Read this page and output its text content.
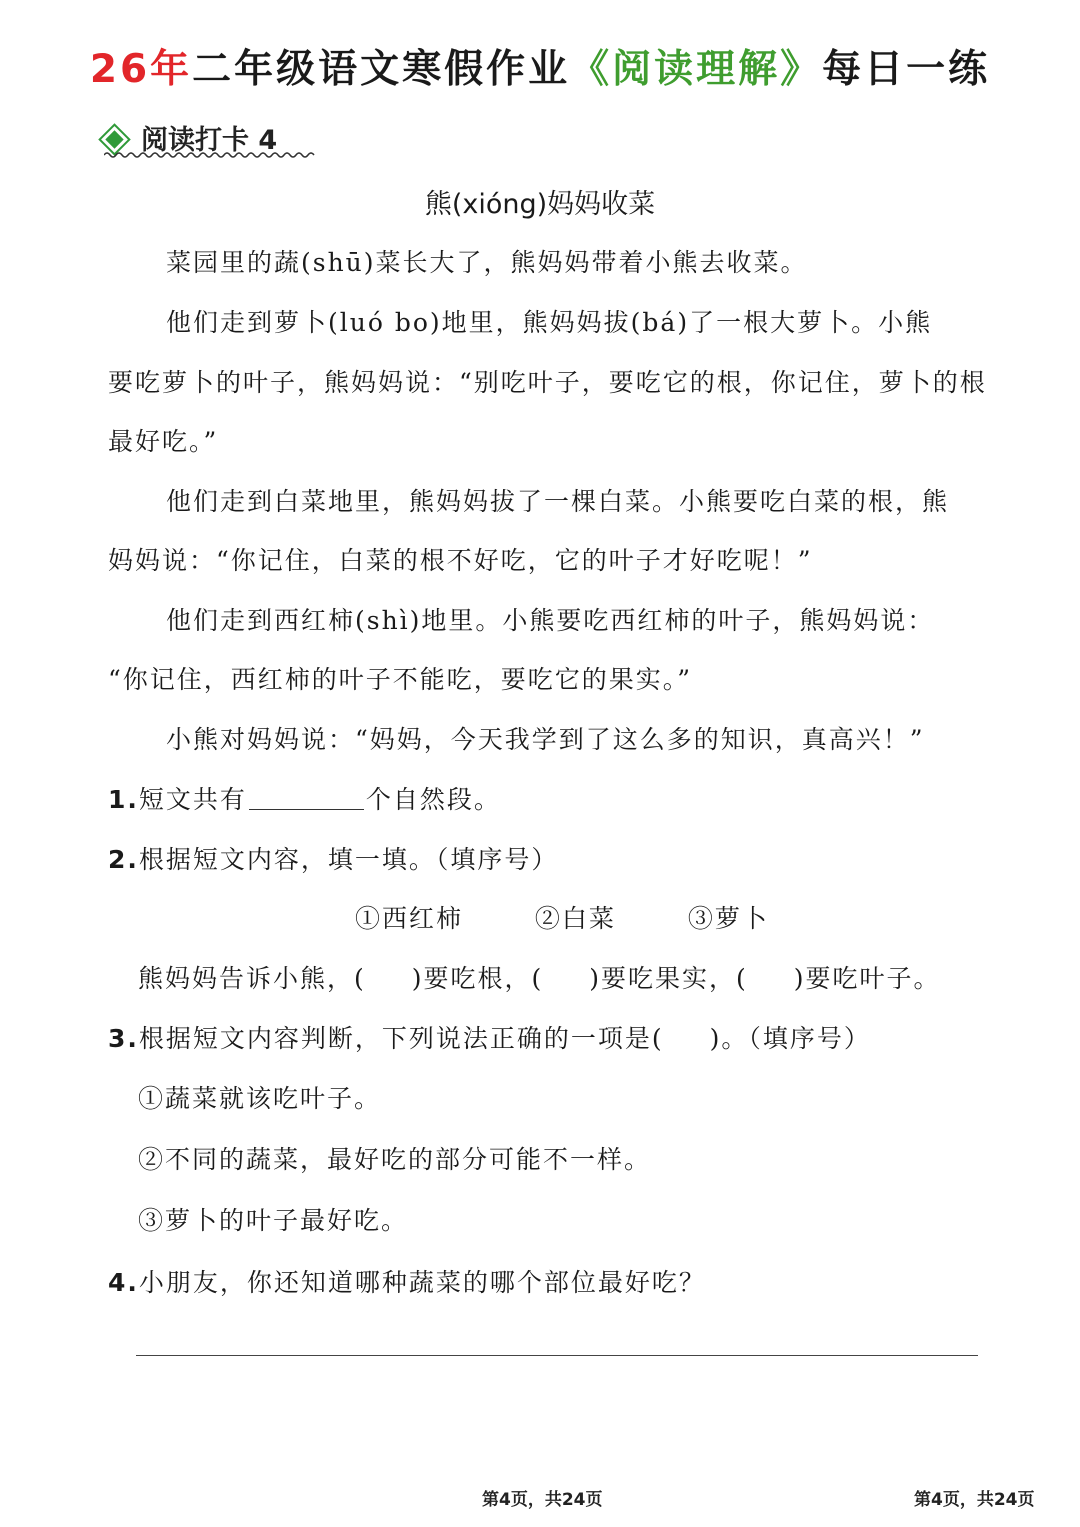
26年二年级语文寒假作业《阅读理解》每日一练
阅读打卡 4
熊(xióng)妈妈收菜
菜园里的蔬(shū)菜长大了，熊妈妈带着小熊去收菜。
他们走到萝卜(luó bo)地里，熊妈妈拔(bá)了一根大萝卜。小熊
要吃萝卜的叶子，熊妈妈说：“别吃叶子，要吃它的根，你记住，萝卜的根
最好吃。”
他们走到白菜地里，熊妈妈拔了一棵白菜。小熊要吃白菜的根，熊
妈妈说：“你记住，白菜的根不好吃，它的叶子才好吃呢！”
他们走到西红柿(shì)地里。小熊要吃西红柿的叶子，熊妈妈说：
“你记住，西红柿的叶子不能吃，要吃它的果实。”
小熊对妈妈说：“妈妈，今天我学到了这么多的知识，真高兴！”
1.短文共有	个自然段。
2.根据短文内容，填一填。（填序号）
①西红柿	②白菜	③萝卜
熊妈妈告诉小熊，( )要吃根，( )要吃果实，( )要吃叶子。
3.根据短文内容判断，下列说法正确的一项是( )。（填序号）
①蔬菜就该吃叶子。
②不同的蔬菜，最好吃的部分可能不一样。
③萝卜的叶子最好吃。
4.小朋友，你还知道哪种蔬菜的哪个部位最好吃？
第4页，共24页	第4页，共24页
